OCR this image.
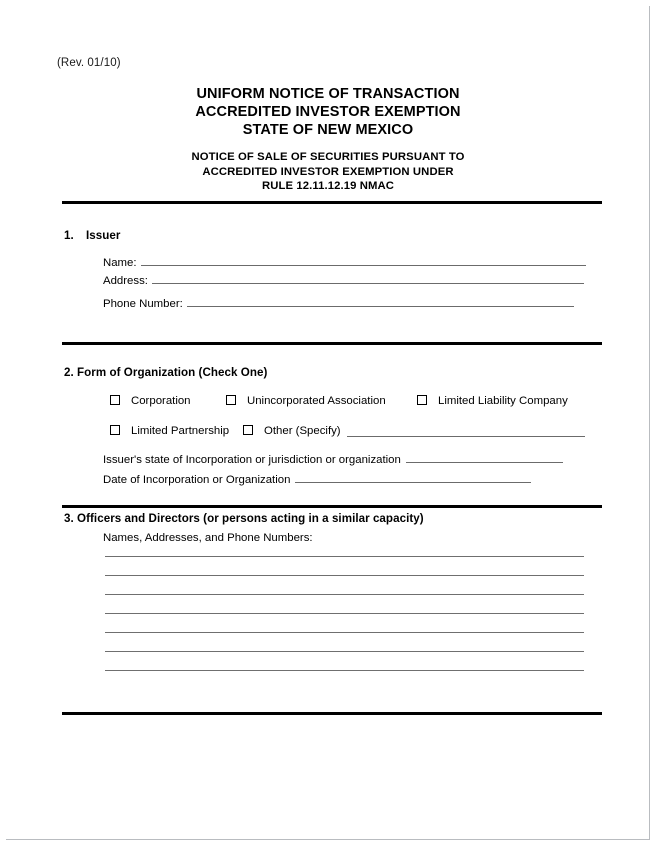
(Rev. 01/10)
UNIFORM NOTICE OF TRANSACTION
ACCREDITED INVESTOR EXEMPTION
STATE OF NEW MEXICO
NOTICE OF SALE OF SECURITIES PURSUANT TO
ACCREDITED INVESTOR EXEMPTION UNDER
RULE 12.11.12.19 NMAC
1. Issuer
Name:
Address:
Phone Number:
2. Form of Organization (Check One)
Corporation	Unincorporated Association	Limited Liability Company
Limited Partnership	Other (Specify)
Issuer's state of Incorporation or jurisdiction or organization
Date of Incorporation or Organization
3. Officers and Directors (or persons acting in a similar capacity)
Names, Addresses, and Phone Numbers:
